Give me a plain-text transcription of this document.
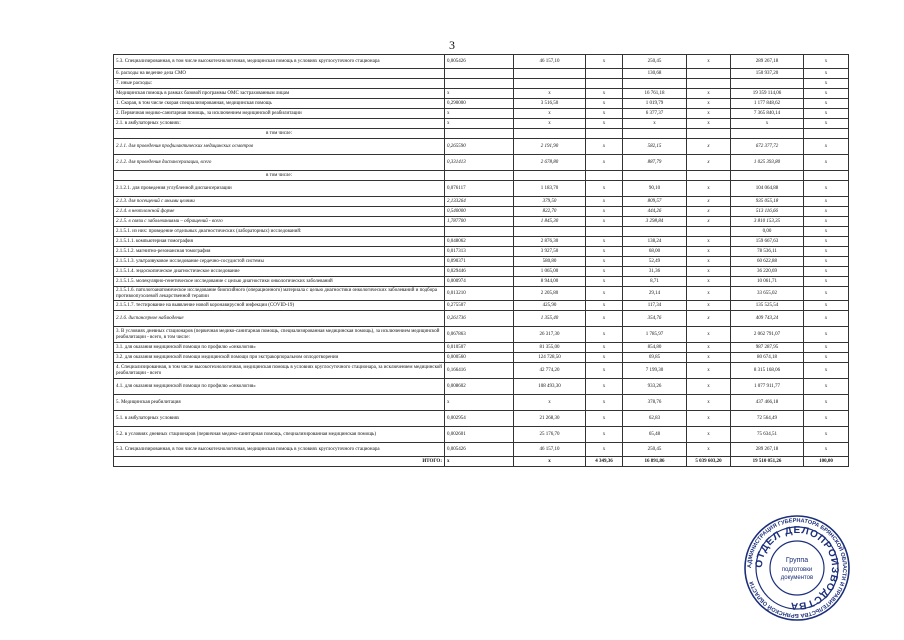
3
5.3. Специализированная, в том числе высокотехнологичная, медицинская помощь в условиях круглосуточного стационара	0,005426	46 157,10	х	250,45	х	289 267,18	х
6. расходы на ведение дела СМО				130,68		150 937,20	х
7. иные расходы:							х
Медицинская помощь в рамках базовой программы ОМС застрахованным лицам	х	х	х	16 761,18	х	19 359 114,06	х
1. Скорая, в том числе скорая специализированная, медицинская помощь	0,290000	3 516,50	х	1 019,79	х	1 177 848,62	х
2. Первичная медико-санитарная помощь, за исключением медицинской реабилитации	х	х	х	6 377,37	х	7 365 840,14	х
2.1. в амбулаторных условиях:	х	х	х	х	х	х	х
в том числе:							
2.1.1. для проведения профилактических медицинских осмотров	0,265590	2 191,90	х	582,15	х	672 377,72	х
2.1.2. для проведения диспансеризации, всего	0,331413	2 678,80	х	887,79	х	1 025 393,80	х
в том числе:							
2.1.2.1. для проведения углубленной диспансеризации	0,076117	1 183,70	х	90,10	х	104 064,88	х
2.1.3. для посещений с иными целями	2,133264	379,50	х	809,57	х	935 055,18	х
2.1.4. в неотложной форме	0,540000	822,70	х	444,26	х	513 116,66	х
2.1.5. в связи с заболеваниями – обращений - всего	1,787700	1 845,30	х	3 298,84	х	3 810 153,35	х
2.1.5.1. из них: проведение отдельных диагностических (лабораторных) исследований:						0,00	х
2.1.5.1.1. компьютерная томография	0,048062	2 876,30	х	138,24	х	159 667,63	х
2.1.5.1.2. магнитно-резонансная томография	0,017313	3 927,50	х	68,00	х	78 536,11	х
2.1.5.1.3. ультразвуковое исследование сердечно-сосудистой системы	0,090371	580,80	х	52,49	х	60 622,88	х
2.1.5.1.4. эндоскопическое диагностическое исследование	0,029446	1 065,00	х	31,36	х	36 220,69	х
2.1.5.1.5. молекулярно-генетическое исследование с целью диагностики онкологических заболеваний	0,000974	8 944,00	х	8,71	х	10 061,71	х
2.1.5.1.6. патологоанатомическое исследование биопсийного (операционного) материала с целью диагностики онкологических заболеваний и подбора противоопухолевой лекарственной терапии	0,013210	2 205,80	х	29,14	х	33 655,02	х
2.1.5.1.7. тестирование на выявление новой коронавирусной инфекции (COVID-19)	0,275507	425,90	х	117,34	х	135 525,54	х
2.1.6. диспансерное наблюдение	0,261736	1 355,40	х	354,76	х	409 743,24	х
3. В условиях дневных стационаров (первичная медико-санитарная помощь, специализированная медицинская помощь), за исключением медицинской реабилитации - всего, в том числе:	0,067863	26 317,30	х	1 785,97	х	2 062 791,07	х
3.1. для оказания медицинской помощи по профилю «онкология»	0,010507	81 355,00	х	854,80	х	987 287,95	х
3.2. для оказания медицинской помощи медицинской помощи при экстракорпоральном оплодотворении	0,000560	124 728,50	х	69,85	х	80 674,18	х
4. Специализированная, в том числе высокотехнологичная, медицинская помощь в условиях круглосуточного стационара, за исключением медицинской реабилитации - всего	0,166416	42 774,20	х	7 199,30	х	8 315 168,06	х
4.1. для оказания медицинской помощи по профилю «онкология»	0,008602	108 493,30	х	933,26	х	1 077 911,77	х
5. Медицинская реабилитация	х	х	х	378,76	х	437 466,18	х
5.1. в амбулаторных условиях	0,002954	21 268,30	х	62,83	х	72 564,49	х
5.2. в условиях дневных стационаров (первичная медико-санитарная помощь, специализированная медицинская помощь)	0,002601	25 176,70	х	65,48	х	75 634,51	х
5.3. Специализированная, в том числе высокотехнологичная, медицинская помощь в условиях круглосуточного стационара	0,005426	46 157,10	х	250,45	х	289 267,18	х
ИТОГО:	х	х	4 349,36	16 891,86	5 039 603,20	19 510 051,26	100,00
АДМИНИСТРАЦИЯ ГУБЕРНАТОРА БРЯНСКОЙ ОБЛАСТИ И ПРАВИТЕЛЬСТВА БРЯНСКОЙ ОБЛАСТИ
ОТДЕЛ ДЕЛОПРОИЗВОДСТВА
Группа
подготовки
документов
